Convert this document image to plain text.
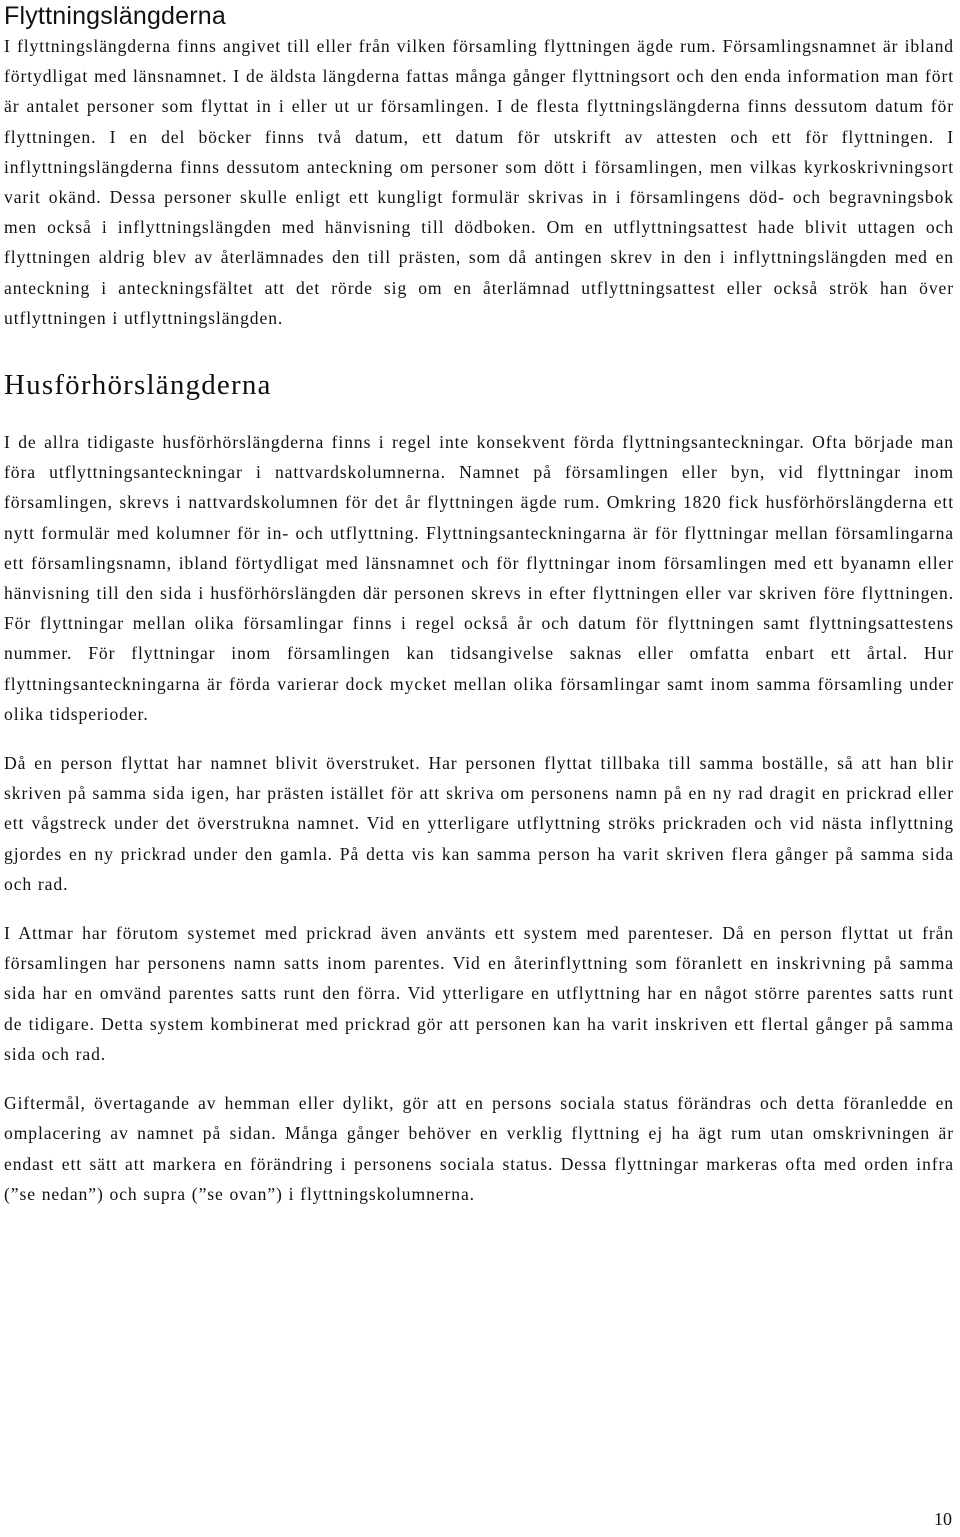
Flyttningslängderna

I flyttningslängderna finns angivet till eller från vilken församling flyttningen ägde rum. Församlingsnamnet är ibland förtydligat med länsnamnet. I de äldsta längderna fattas många gånger flyttningsort och den enda information man fört är antalet personer som flyttat in i eller ut ur församlingen. I de flesta flyttningslängderna finns dessutom datum för flyttningen. I en del böcker finns två datum, ett datum för utskrift av attesten och ett för flyttningen. I inflyttningslängderna finns dessutom anteckning om personer som dött i församlingen, men vilkas kyrkoskrivningsort varit okänd. Dessa personer skulle enligt ett kungligt formulär skrivas in i församlingens död- och begravningsbok men också i inflyttningslängden med hänvisning till dödboken. Om en utflyttningsattest hade blivit uttagen och flyttningen aldrig blev av återlämnades den till prästen, som då antingen skrev in den i inflyttningslängden med en anteckning i anteckningsfältet att det rörde sig om en återlämnad utflyttningsattest eller också strök han över utflyttningen i utflyttningslängden.

Husförhörslängderna

I de allra tidigaste husförhörslängderna finns i regel inte konsekvent förda flyttningsanteckningar. Ofta började man föra utflyttningsanteckningar i nattvardskolumnerna. Namnet på församlingen eller byn, vid flyttningar inom församlingen, skrevs i nattvardskolumnen för det år flyttningen ägde rum. Omkring 1820 fick husförhörslängderna ett nytt formulär med kolumner för in- och utflyttning. Flyttningsanteckningarna är för flyttningar mellan församlingarna ett församlingsnamn, ibland förtydligat med länsnamnet och för flyttningar inom församlingen med ett byanamn eller hänvisning till den sida i husförhörslängden där personen skrevs in efter flyttningen eller var skriven före flyttningen. För flyttningar mellan olika församlingar finns i regel också år och datum för flyttningen samt flyttningsattestens nummer. För flyttningar inom församlingen kan tidsangivelse saknas eller omfatta enbart ett årtal. Hur flyttningsanteckningarna är förda varierar dock mycket mellan olika församlingar samt inom samma församling under olika tidsperioder.

Då en person flyttat har namnet blivit överstruket. Har personen flyttat tillbaka till samma boställe, så att han blir skriven på samma sida igen, har prästen istället för att skriva om personens namn på en ny rad dragit en prickrad eller ett vågstreck under det överstrukna namnet. Vid en ytterligare utflyttning ströks prickraden och vid nästa inflyttning gjordes en ny prickrad under den gamla. På detta vis kan samma person ha varit skriven flera gånger på samma sida och rad.

I Attmar har förutom systemet med prickrad även använts ett system med parenteser. Då en person flyttat ut från församlingen har personens namn satts inom parentes. Vid en återinflyttning som föranlett en inskrivning på samma sida har en omvänd parentes satts runt den förra. Vid ytterligare en utflyttning har en något större parentes satts runt de tidigare. Detta system kombinerat med prickrad gör att personen kan ha varit inskriven ett flertal gånger på samma sida och rad.

Giftermål, övertagande av hemman eller dylikt, gör att en persons sociala status förändras och detta föranledde en omplacering av namnet på sidan. Många gånger behöver en verklig flyttning ej ha ägt rum utan omskrivningen är endast ett sätt att markera en förändring i personens sociala status. Dessa flyttningar markeras ofta med orden infra (”se nedan”) och supra (”se ovan”) i flyttningskolumnerna.

10
